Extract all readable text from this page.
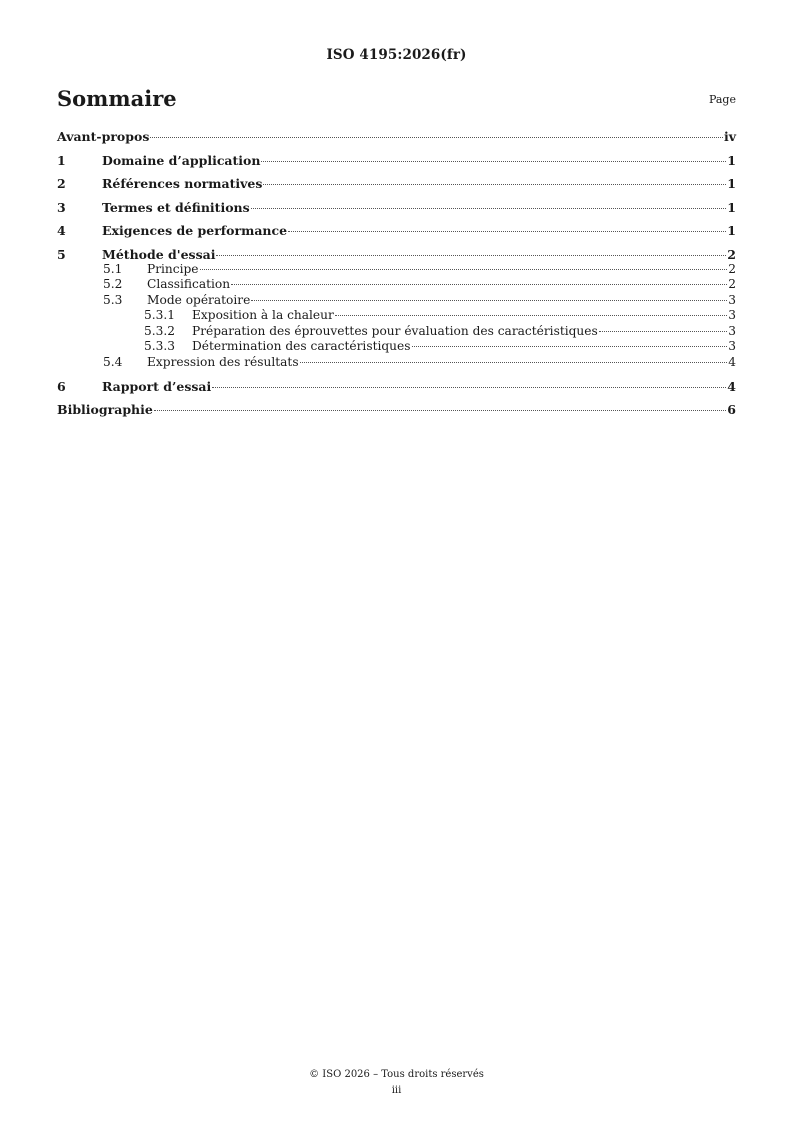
ISO 4195:2026(fr)
Sommaire	Page
Avant-propos	iv
1	Domaine d’application	1
2	Références normatives	1
3	Termes et définitions	1
4	Exigences de performance	1
5	Méthode d'essai	2
5.1	Principe	2
5.2	Classification	2
5.3	Mode opératoire	3
5.3.1	Exposition à la chaleur	3
5.3.2	Préparation des éprouvettes pour évaluation des caractéristiques	3
5.3.3	Détermination des caractéristiques	3
5.4	Expression des résultats	4
6	Rapport d’essai	4
Bibliographie	6
© ISO 2026 – Tous droits réservés
iii
